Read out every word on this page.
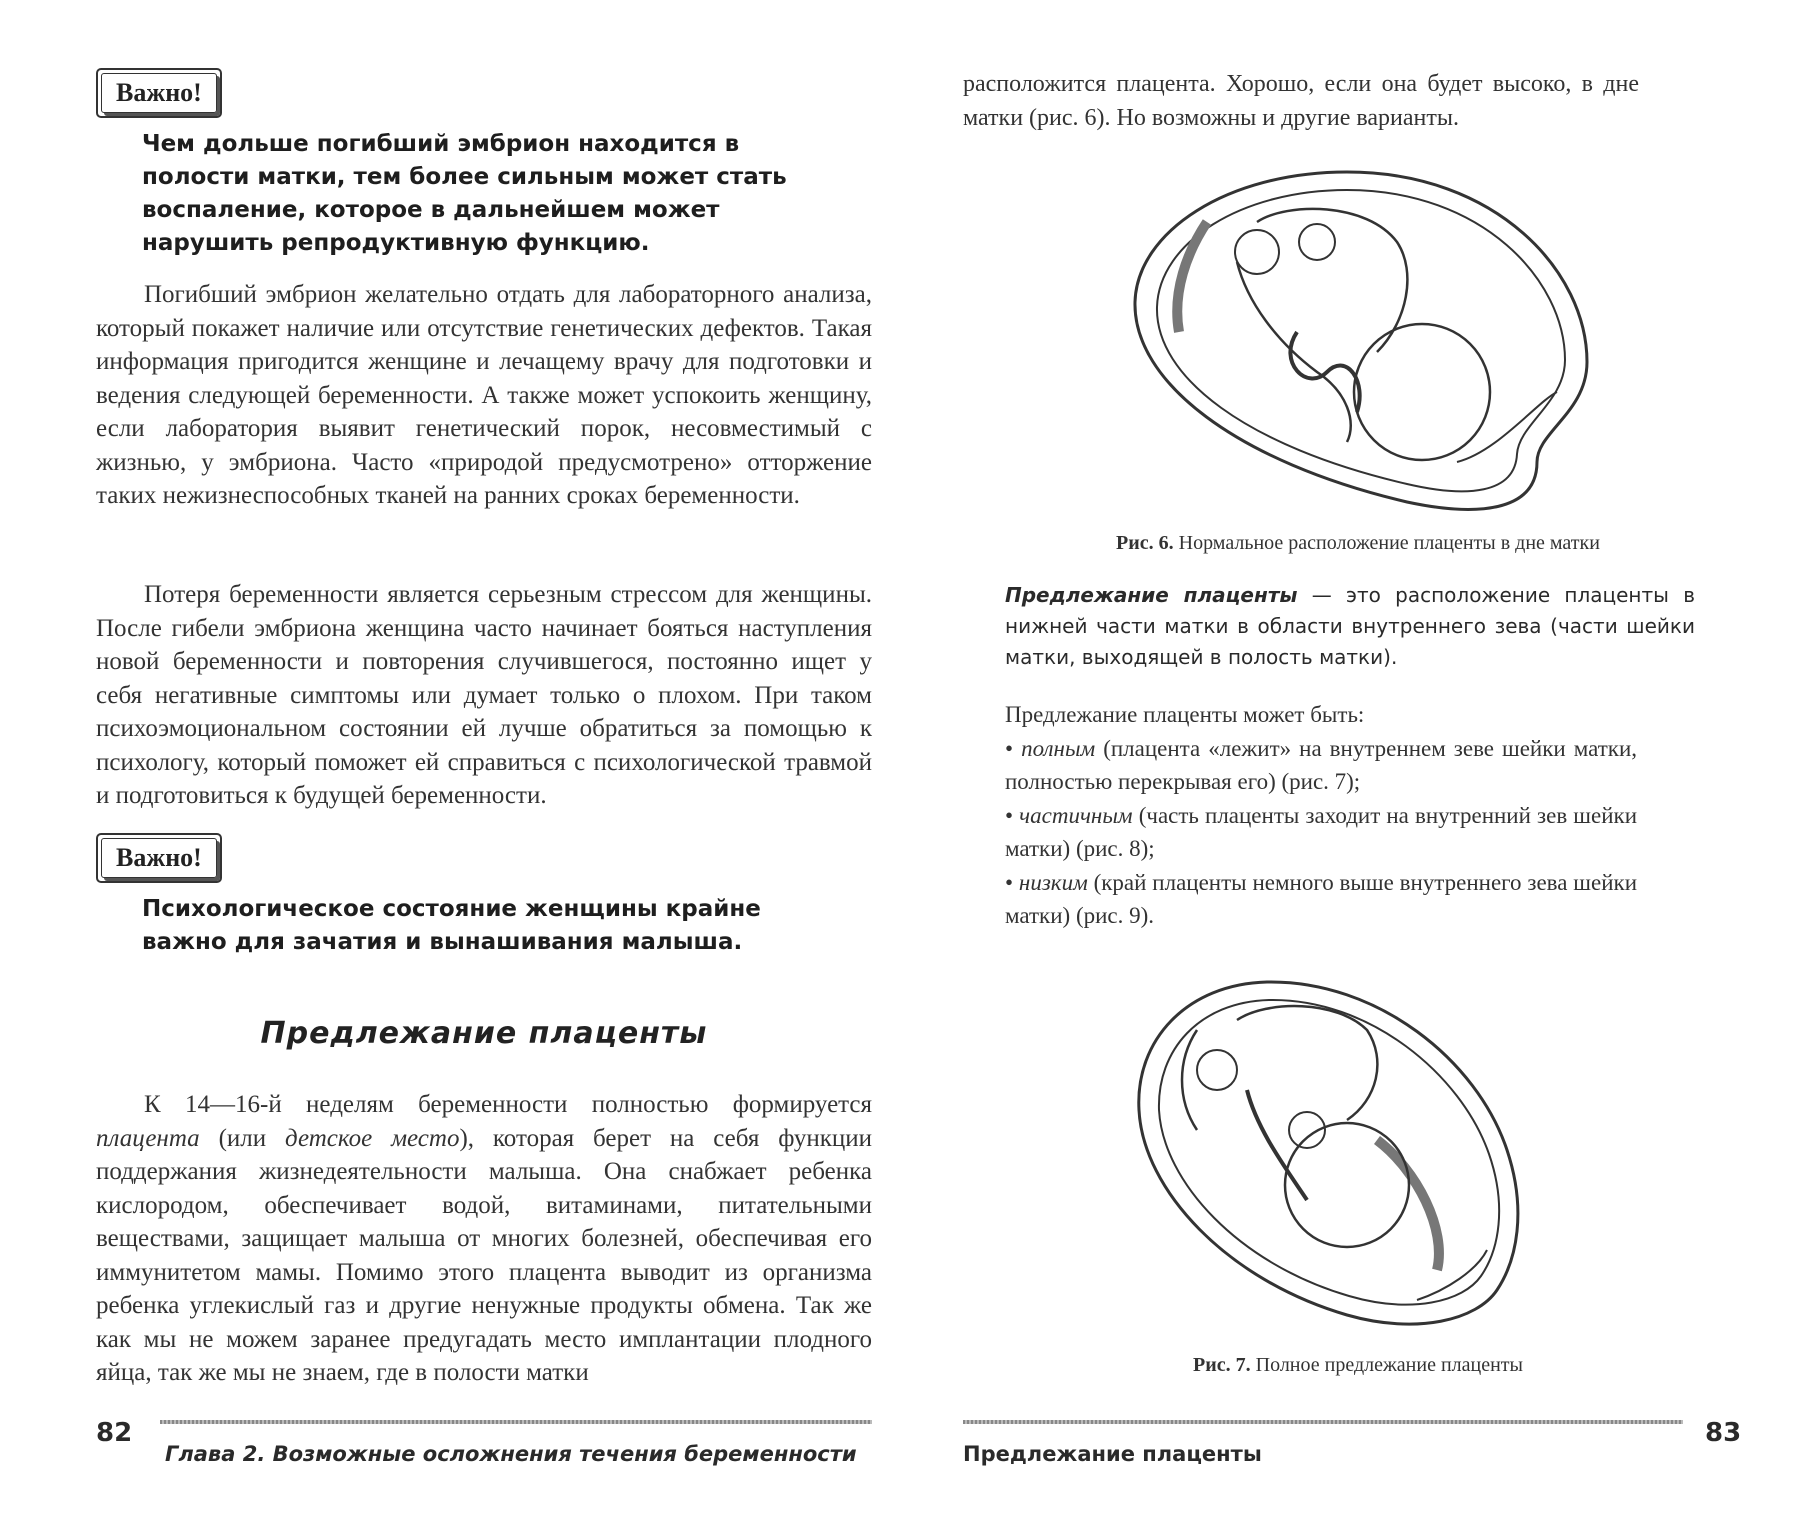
Важно!
Чем дольше погибший эмбрион находится в полости матки, тем более сильным может стать воспаление, которое в дальнейшем может нарушить репродуктивную функцию.
Погибший эмбрион желательно отдать для лабораторного анализа, который покажет наличие или отсутствие генетических дефектов. Такая информация пригодится женщине и лечащему врачу для подготовки и ведения следующей беременности. А также может успокоить женщину, если лаборатория выявит генетический порок, несовместимый с жизнью, у эмбриона. Часто «природой предусмотрено» отторжение таких нежизнеспособных тканей на ранних сроках беременности.
Потеря беременности является серьезным стрессом для женщины. После гибели эмбриона женщина часто начинает бояться наступления новой беременности и повторения случившегося, постоянно ищет у себя негативные симптомы или думает только о плохом. При таком психоэмоциональном состоянии ей лучше обратиться за помощью к психологу, который поможет ей справиться с психологической травмой и подготовиться к будущей беременности.
Важно!
Психологическое состояние женщины крайне важно для зачатия и вынашивания малыша.
Предлежание плаценты
К 14—16-й неделям беременности полностью формируется плацента (или детское место), которая берет на себя функции поддержания жизнедеятельности малыша. Она снабжает ребенка кислородом, обеспечивает водой, витаминами, питательными веществами, защищает малыша от многих болезней, обеспечивая его иммунитетом мамы. Помимо этого плацента выводит из организма ребенка углекислый газ и другие ненужные продукты обмена. Так же как мы не можем заранее предугадать место имплантации плодного яйца, так же мы не знаем, где в полости матки
82
Глава 2. Возможные осложнения течения беременности
расположится плацента. Хорошо, если она будет высоко, в дне матки (рис. 6). Но возможны и другие варианты.
Рис. 6. Нормальное расположение плаценты в дне матки
Предлежание плаценты — это расположение плаценты в нижней части матки в области внутреннего зева (части шейки матки, выходящей в полость матки).
Предлежание плаценты может быть:
• полным (плацента «лежит» на внутреннем зеве шейки матки, полностью перекрывая его) (рис. 7);
• частичным (часть плаценты заходит на внутренний зев шейки матки) (рис. 8);
• низким (край плаценты немного выше внутреннего зева шейки матки) (рис. 9).
Рис. 7. Полное предлежание плаценты
Предлежание плаценты
83
